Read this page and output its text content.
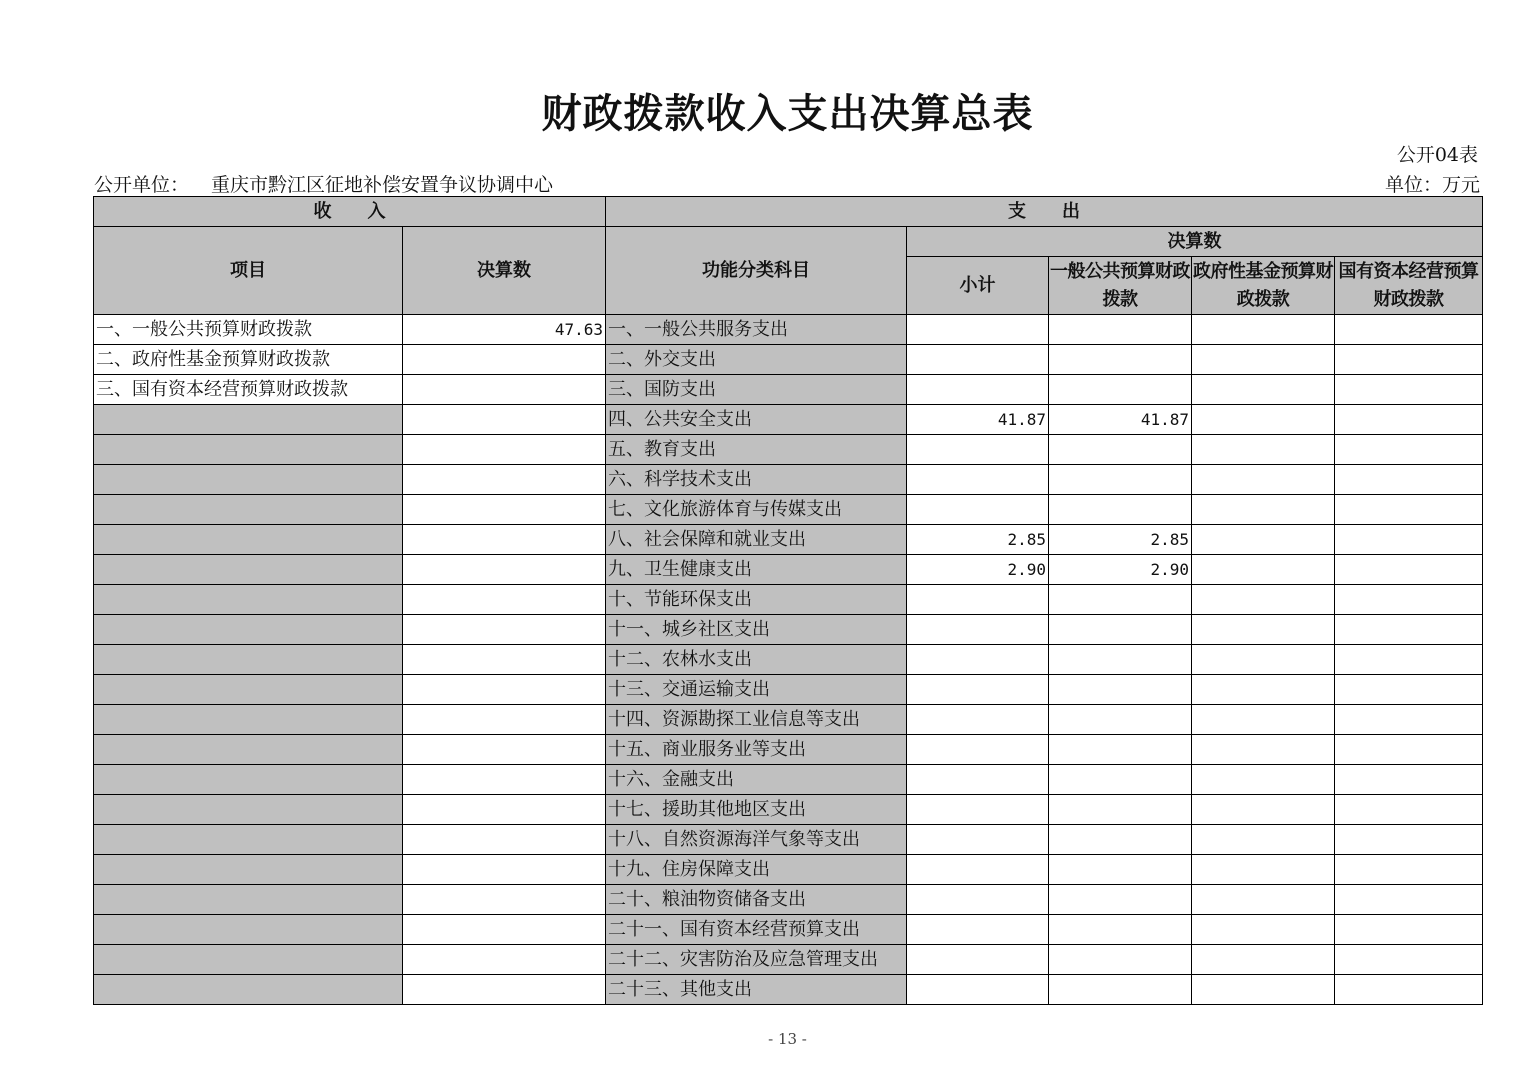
财政拨款收入支出决算总表
公开04表
公开单位： 重庆市黔江区征地补偿安置争议协调中心	单位：万元
收　　入		支　　出				
项目	决算数	功能分类科目	决算数			
			小计	一般公共预算财政拨款	政府性基金预算财政拨款	国有资本经营预算财政拨款
一、一般公共预算财政拨款	47.63	一、一般公共服务支出				
二、政府性基金预算财政拨款		二、外交支出				
三、国有资本经营预算财政拨款		三、国防支出				
		四、公共安全支出	41.87	41.87		
		五、教育支出				
		六、科学技术支出				
		七、文化旅游体育与传媒支出				
		八、社会保障和就业支出	2.85	2.85		
		九、卫生健康支出	2.90	2.90		
		十、节能环保支出				
		十一、城乡社区支出				
		十二、农林水支出				
		十三、交通运输支出				
		十四、资源勘探工业信息等支出				
		十五、商业服务业等支出				
		十六、金融支出				
		十七、援助其他地区支出				
		十八、自然资源海洋气象等支出				
		十九、住房保障支出				
		二十、粮油物资储备支出				
		二十一、国有资本经营预算支出				
		二十二、灾害防治及应急管理支出				
		二十三、其他支出				
- 13 -
